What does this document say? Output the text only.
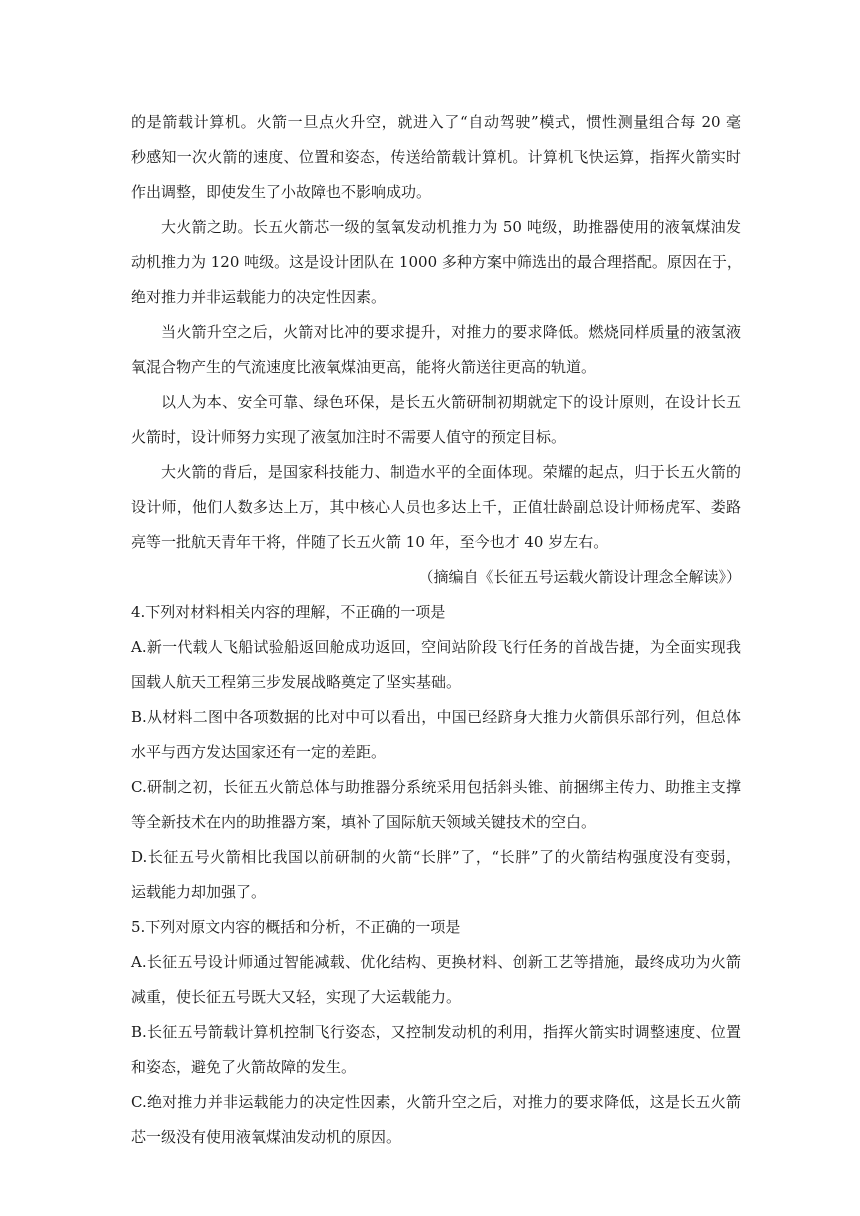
的是箭载计算机。火箭一旦点火升空，就进入了“自动驾驶”模式，惯性测量组合每 20 毫
秒感知一次火箭的速度、位置和姿态，传送给箭载计算机。计算机飞快运算，指挥火箭实时
作出调整，即使发生了小故障也不影响成功。
大火箭之助。长五火箭芯一级的氢氧发动机推力为 50 吨级，助推器使用的液氧煤油发
动机推力为 120 吨级。这是设计团队在 1000 多种方案中筛选出的最合理搭配。原因在于，
绝对推力并非运载能力的决定性因素。
当火箭升空之后，火箭对比冲的要求提升，对推力的要求降低。燃烧同样质量的液氢液
氧混合物产生的气流速度比液氧煤油更高，能将火箭送往更高的轨道。
以人为本、安全可靠、绿色环保，是长五火箭研制初期就定下的设计原则，在设计长五
火箭时，设计师努力实现了液氢加注时不需要人值守的预定目标。
大火箭的背后，是国家科技能力、制造水平的全面体现。荣耀的起点，归于长五火箭的
设计师，他们人数多达上万，其中核心人员也多达上千，正值壮龄副总设计师杨虎军、娄路
亮等一批航天青年干将，伴随了长五火箭 10 年，至今也才 40 岁左右。
（摘编自《长征五号运载火箭设计理念全解读》）
4.下列对材料相关内容的理解，不正确的一项是
A.新一代载人飞船试验船返回舱成功返回，空间站阶段飞行任务的首战告捷，为全面实现我
国载人航天工程第三步发展战略奠定了坚实基础。
B.从材料二图中各项数据的比对中可以看出，中国已经跻身大推力火箭俱乐部行列，但总体
水平与西方发达国家还有一定的差距。
C.研制之初，长征五火箭总体与助推器分系统采用包括斜头锥、前捆绑主传力、助推主支撑
等全新技术在内的助推器方案，填补了国际航天领域关键技术的空白。
D.长征五号火箭相比我国以前研制的火箭“长胖”了，“长胖”了的火箭结构强度没有变弱，
运载能力却加强了。
5.下列对原文内容的概括和分析，不正确的一项是
A.长征五号设计师通过智能减载、优化结构、更换材料、创新工艺等措施，最终成功为火箭
减重，使长征五号既大又轻，实现了大运载能力。
B.长征五号箭载计算机控制飞行姿态，又控制发动机的利用，指挥火箭实时调整速度、位置
和姿态，避免了火箭故障的发生。
C.绝对推力并非运载能力的决定性因素，火箭升空之后，对推力的要求降低，这是长五火箭
芯一级没有使用液氧煤油发动机的原因。
